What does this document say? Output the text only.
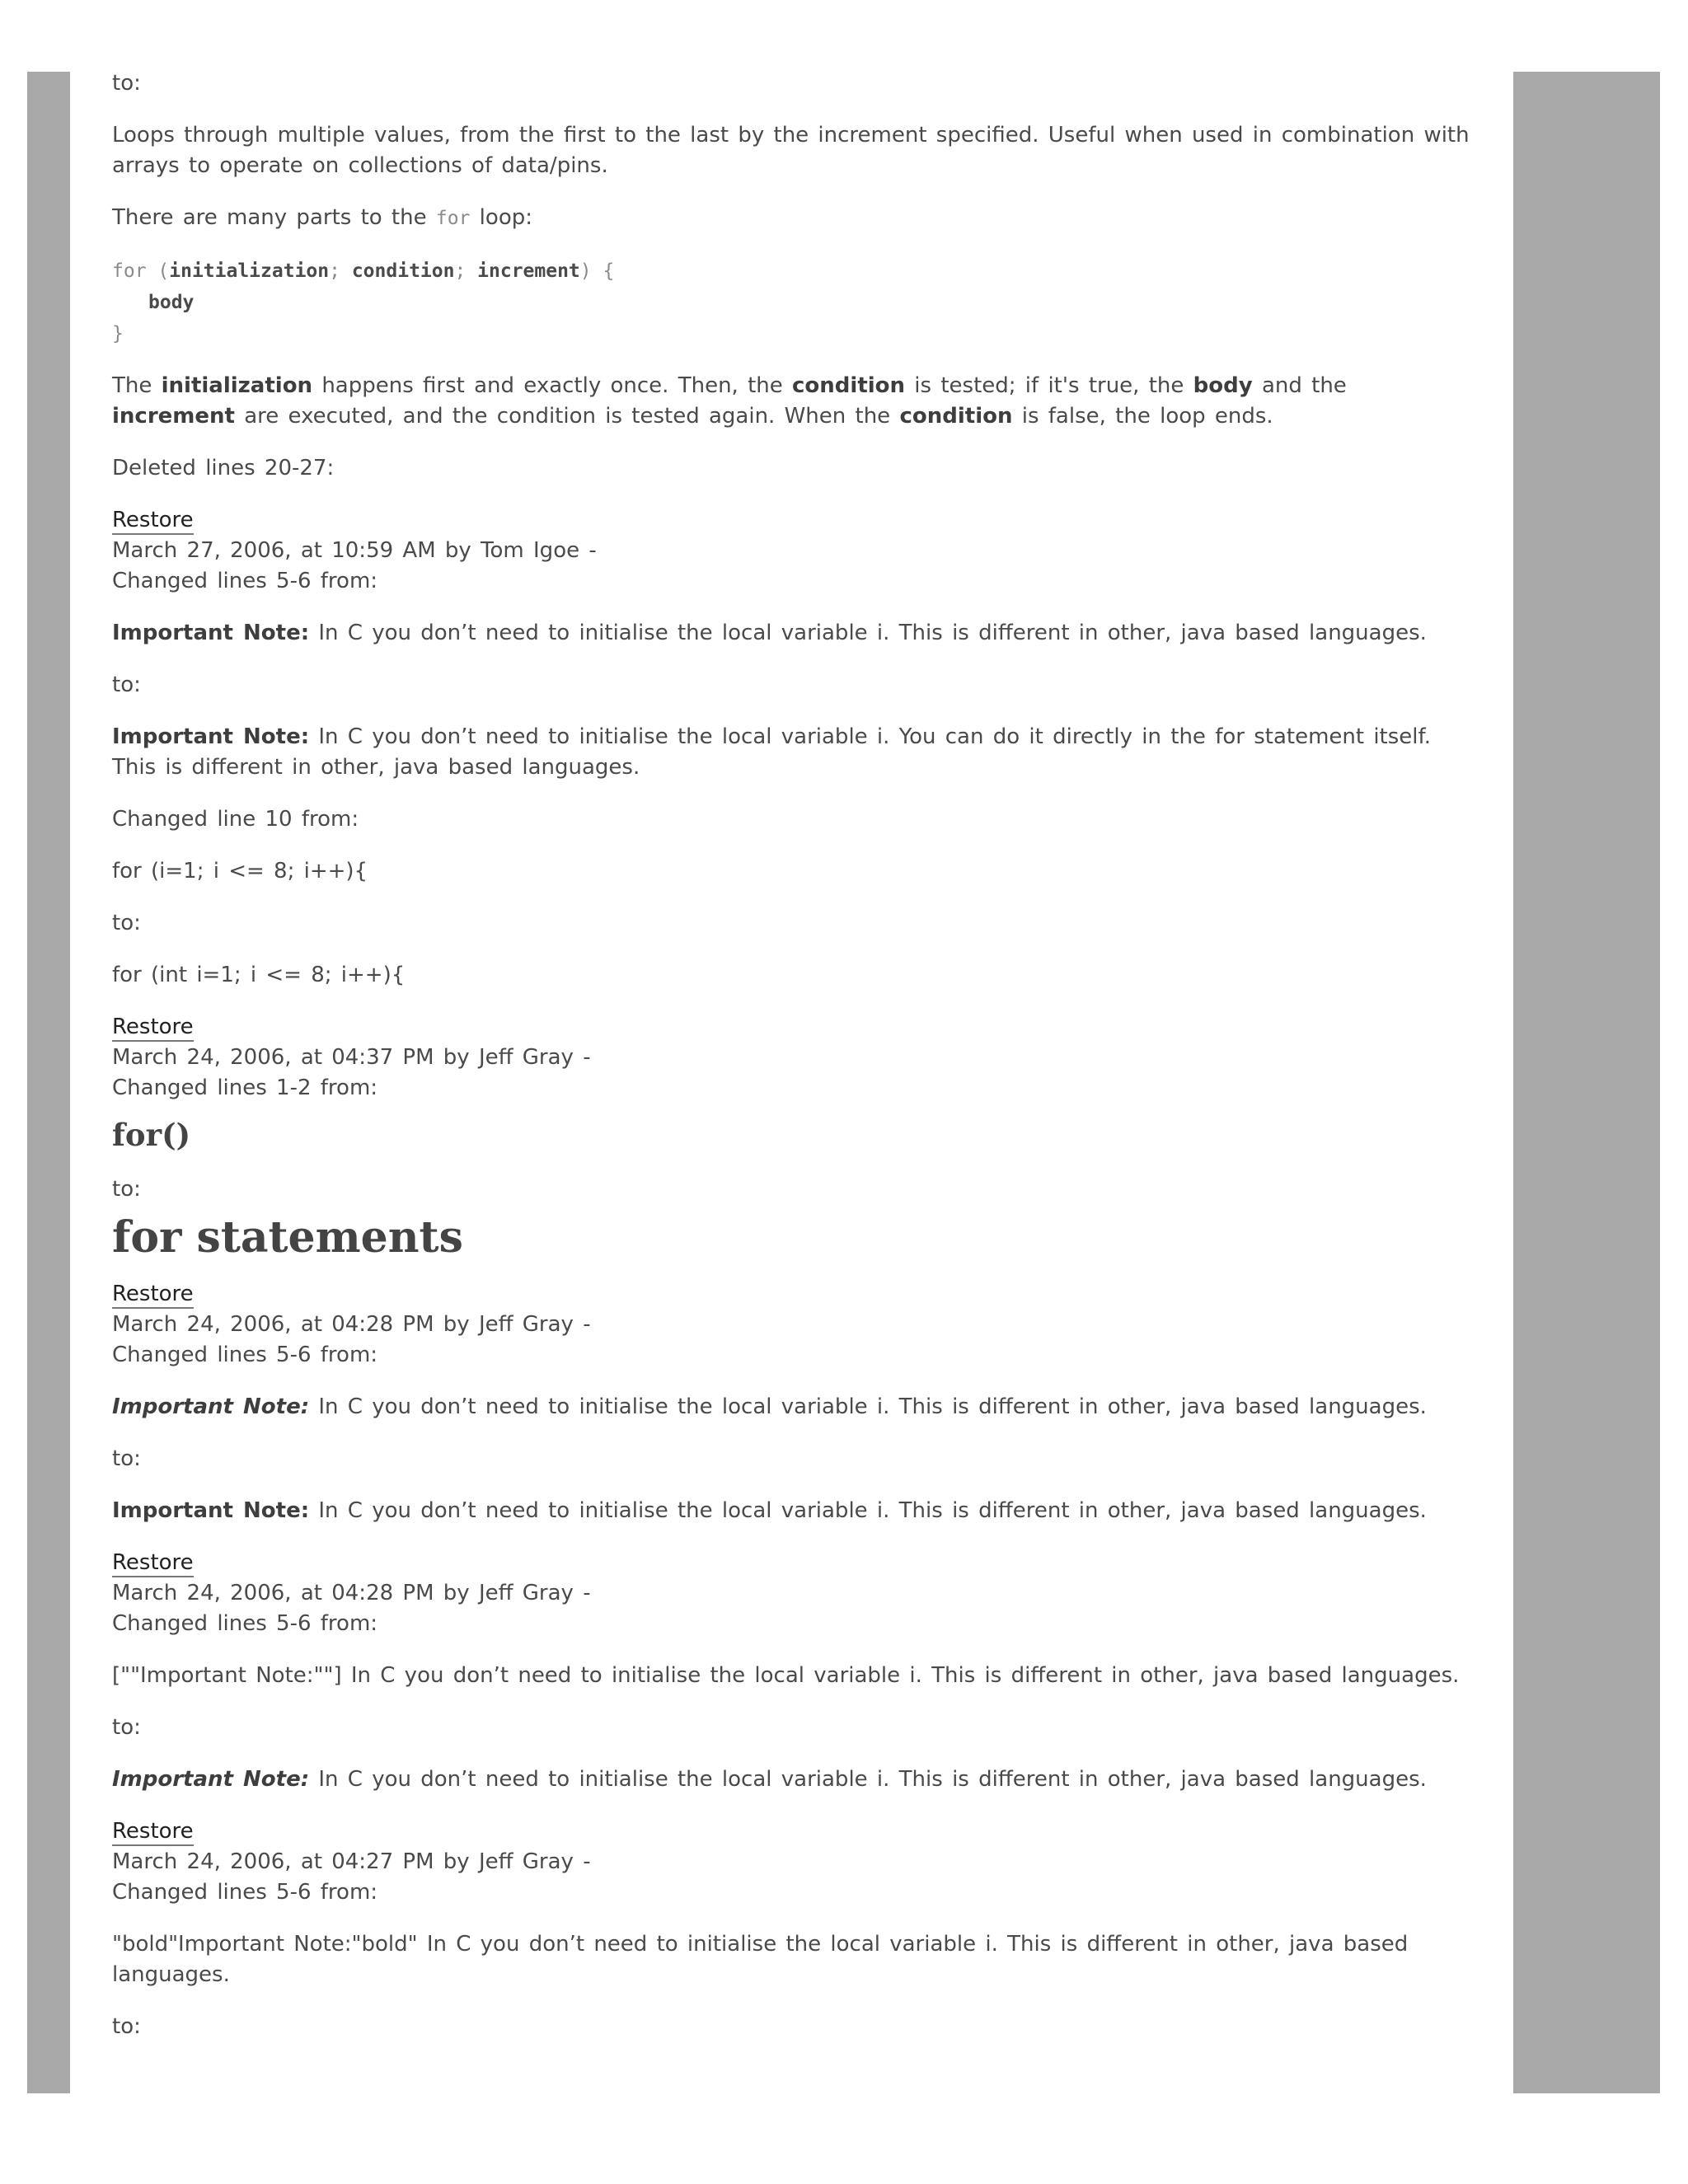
to:

Loops through multiple values, from the first to the last by the increment specified. Useful when used in combination with arrays to operate on collections of data/pins.

There are many parts to the for loop:

for (initialization; condition; increment) {
body
}

The initialization happens first and exactly once. Then, the condition is tested; if it's true, the body and the increment are executed, and the condition is tested again. When the condition is false, the loop ends.

Deleted lines 20-27:

Restore

March 27, 2006, at 10:59 AM by Tom Igoe -

Changed lines 5-6 from:

Important Note: In C you don’t need to initialise the local variable i. This is different in other, java based languages.

to:

Important Note: In C you don’t need to initialise the local variable i. You can do it directly in the for statement itself. This is different in other, java based languages.

Changed line 10 from:

for (i=1; i <= 8; i++){

to:

for (int i=1; i <= 8; i++){

Restore

March 24, 2006, at 04:37 PM by Jeff Gray -

Changed lines 1-2 from:

for()

to:

for statements

Restore

March 24, 2006, at 04:28 PM by Jeff Gray -

Changed lines 5-6 from:

Important Note: In C you don’t need to initialise the local variable i. This is different in other, java based languages.

to:

Important Note: In C you don’t need to initialise the local variable i. This is different in other, java based languages.

Restore

March 24, 2006, at 04:28 PM by Jeff Gray -

Changed lines 5-6 from:

[""Important Note:""] In C you don’t need to initialise the local variable i. This is different in other, java based languages.

to:

Important Note: In C you don’t need to initialise the local variable i. This is different in other, java based languages.

Restore

March 24, 2006, at 04:27 PM by Jeff Gray -

Changed lines 5-6 from:

"bold"Important Note:"bold" In C you don’t need to initialise the local variable i. This is different in other, java based languages.

to:
